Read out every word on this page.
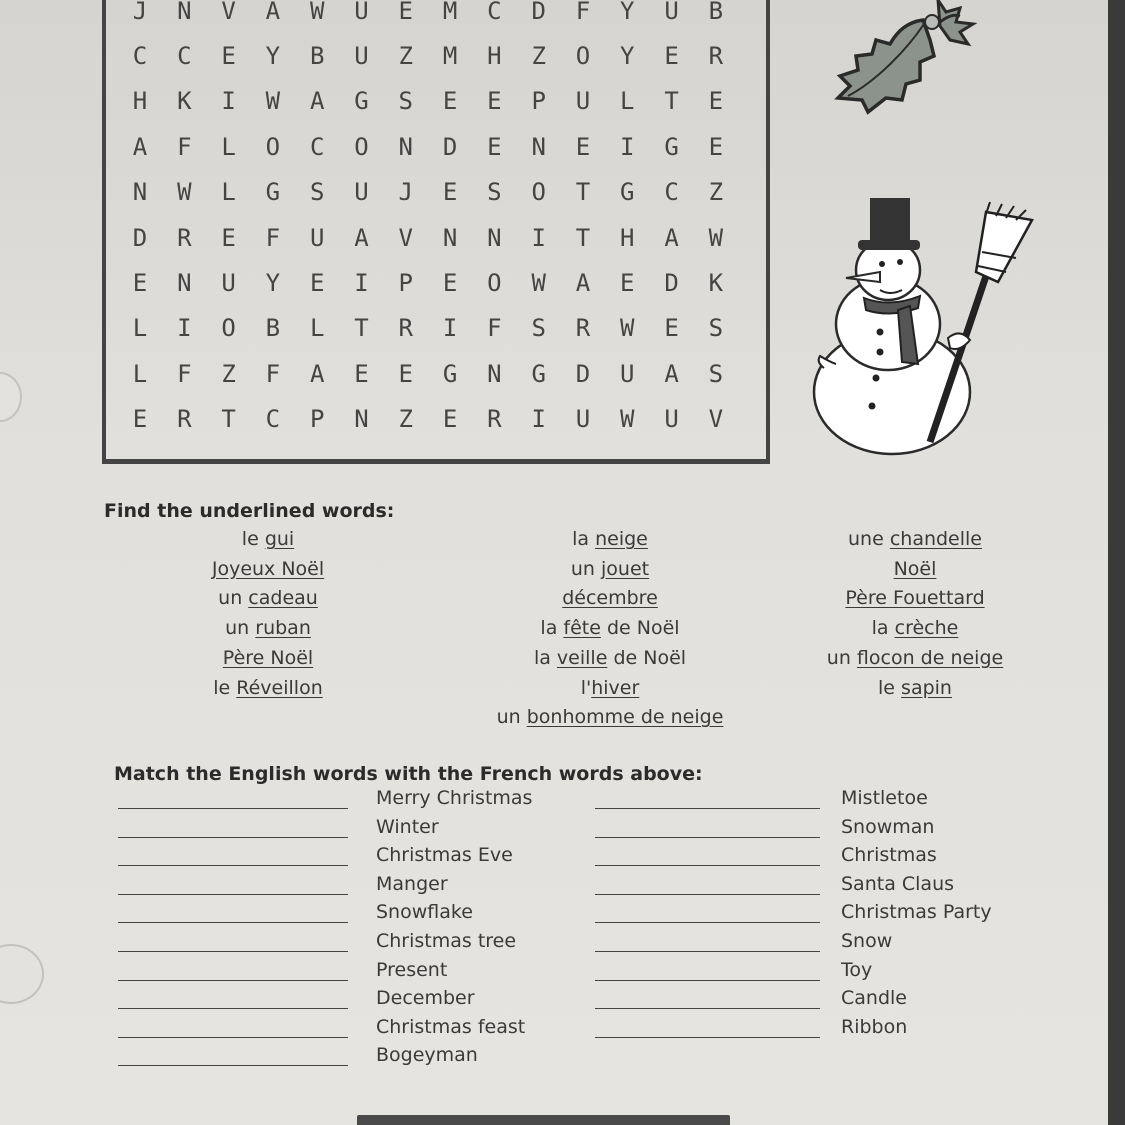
J	N	V	A	W	U	E	M	C	D	F	Y	U	B
C	C	E	Y	B	U	Z	M	H	Z	O	Y	E	R
H	K	I	W	A	G	S	E	E	P	U	L	T	E
A	F	L	O	C	O	N	D	E	N	E	I	G	E
N	W	L	G	S	U	J	E	S	O	T	G	C	Z
D	R	E	F	U	A	V	N	N	I	T	H	A	W
E	N	U	Y	E	I	P	E	O	W	A	E	D	K
L	I	O	B	L	T	R	I	F	S	R	W	E	S
L	F	Z	F	A	E	E	G	N	G	D	U	A	S
E	R	T	C	P	N	Z	E	R	I	U	W	U	V
Find the underlined words:
le gui	la neige	une chandelle
Joyeux Noël	un jouet	Noël
un cadeau	décembre	Père Fouettard
un ruban	la fête de Noël	la crèche
Père Noël	la veille de Noël	un flocon de neige
le Réveillon	l'hiver	le sapin
un bonhomme de neige
Match the English words with the French words above:
Merry Christmas
Winter
Christmas Eve
Manger
Snowflake
Christmas tree
Present
December
Christmas feast
Bogeyman
Mistletoe
Snowman
Christmas
Santa Claus
Christmas Party
Snow
Toy
Candle
Ribbon
